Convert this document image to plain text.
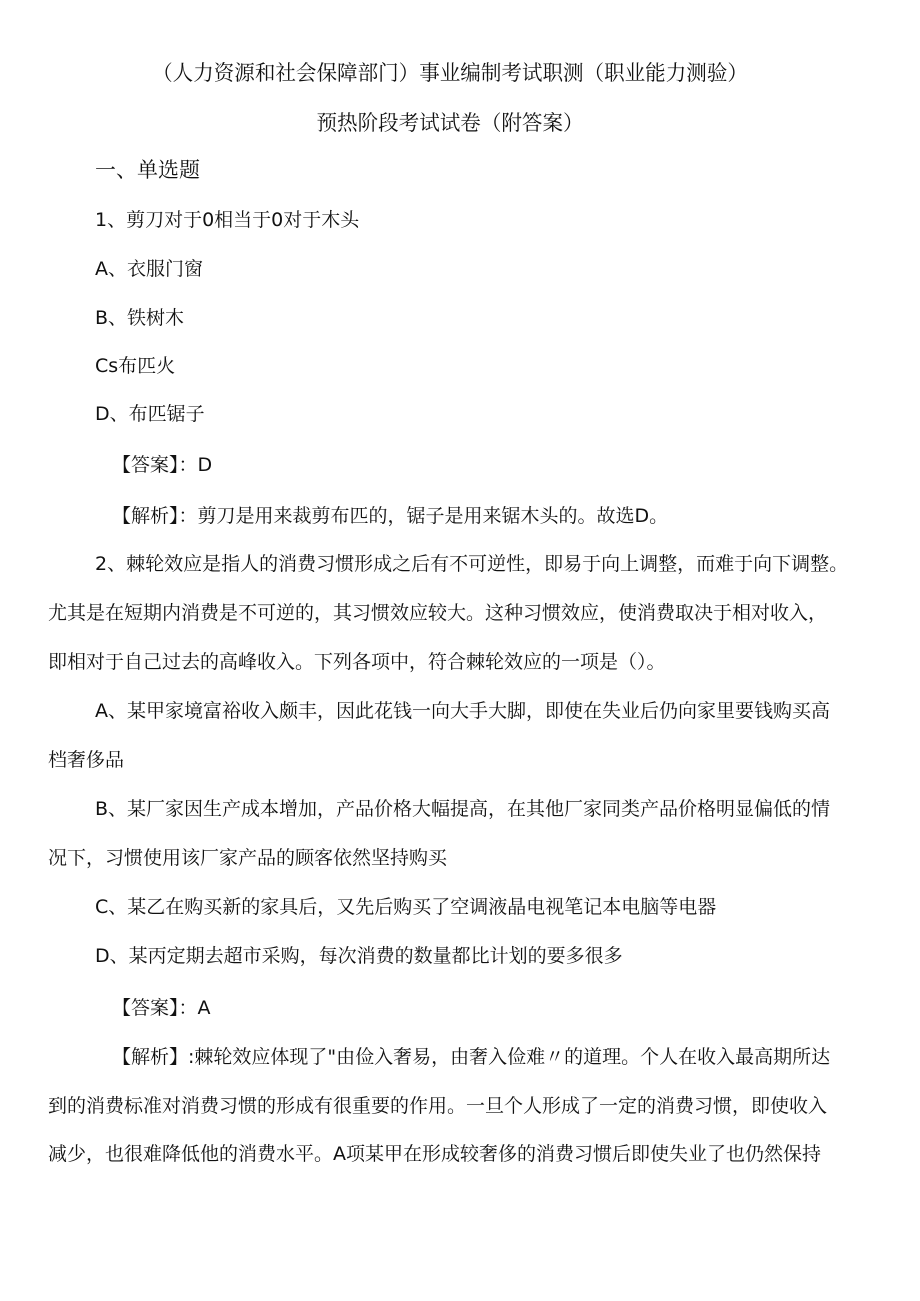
（人力资源和社会保障部门）事业编制考试职测（职业能力测验）
预热阶段考试试卷（附答案）
一、单选题
1、剪刀对于0相当于0对于木头
A、衣服门窗
B、铁树木
Cs布匹火
D、布匹锯子
【答案】：D
【解析】：剪刀是用来裁剪布匹的，锯子是用来锯木头的。故选D。
2、棘轮效应是指人的消费习惯形成之后有不可逆性，即易于向上调整，而难于向下调整。
尤其是在短期内消费是不可逆的，其习惯效应较大。这种习惯效应，使消费取决于相对收入，
即相对于自己过去的高峰收入。下列各项中，符合棘轮效应的一项是（）。
A、某甲家境富裕收入颇丰，因此花钱一向大手大脚，即使在失业后仍向家里要钱购买高
档奢侈品
B、某厂家因生产成本增加，产品价格大幅提高，在其他厂家同类产品价格明显偏低的情
况下，习惯使用该厂家产品的顾客依然坚持购买
C、某乙在购买新的家具后，又先后购买了空调液晶电视笔记本电脑等电器
D、某丙定期去超市采购，每次消费的数量都比计划的要多很多
【答案】：A
【解析】:棘轮效应体现了"由俭入奢易，由奢入俭难〃的道理。个人在收入最高期所达
到的消费标准对消费习惯的形成有很重要的作用。一旦个人形成了一定的消费习惯，即使收入
减少，也很难降低他的消费水平。A项某甲在形成较奢侈的消费习惯后即使失业了也仍然保持
